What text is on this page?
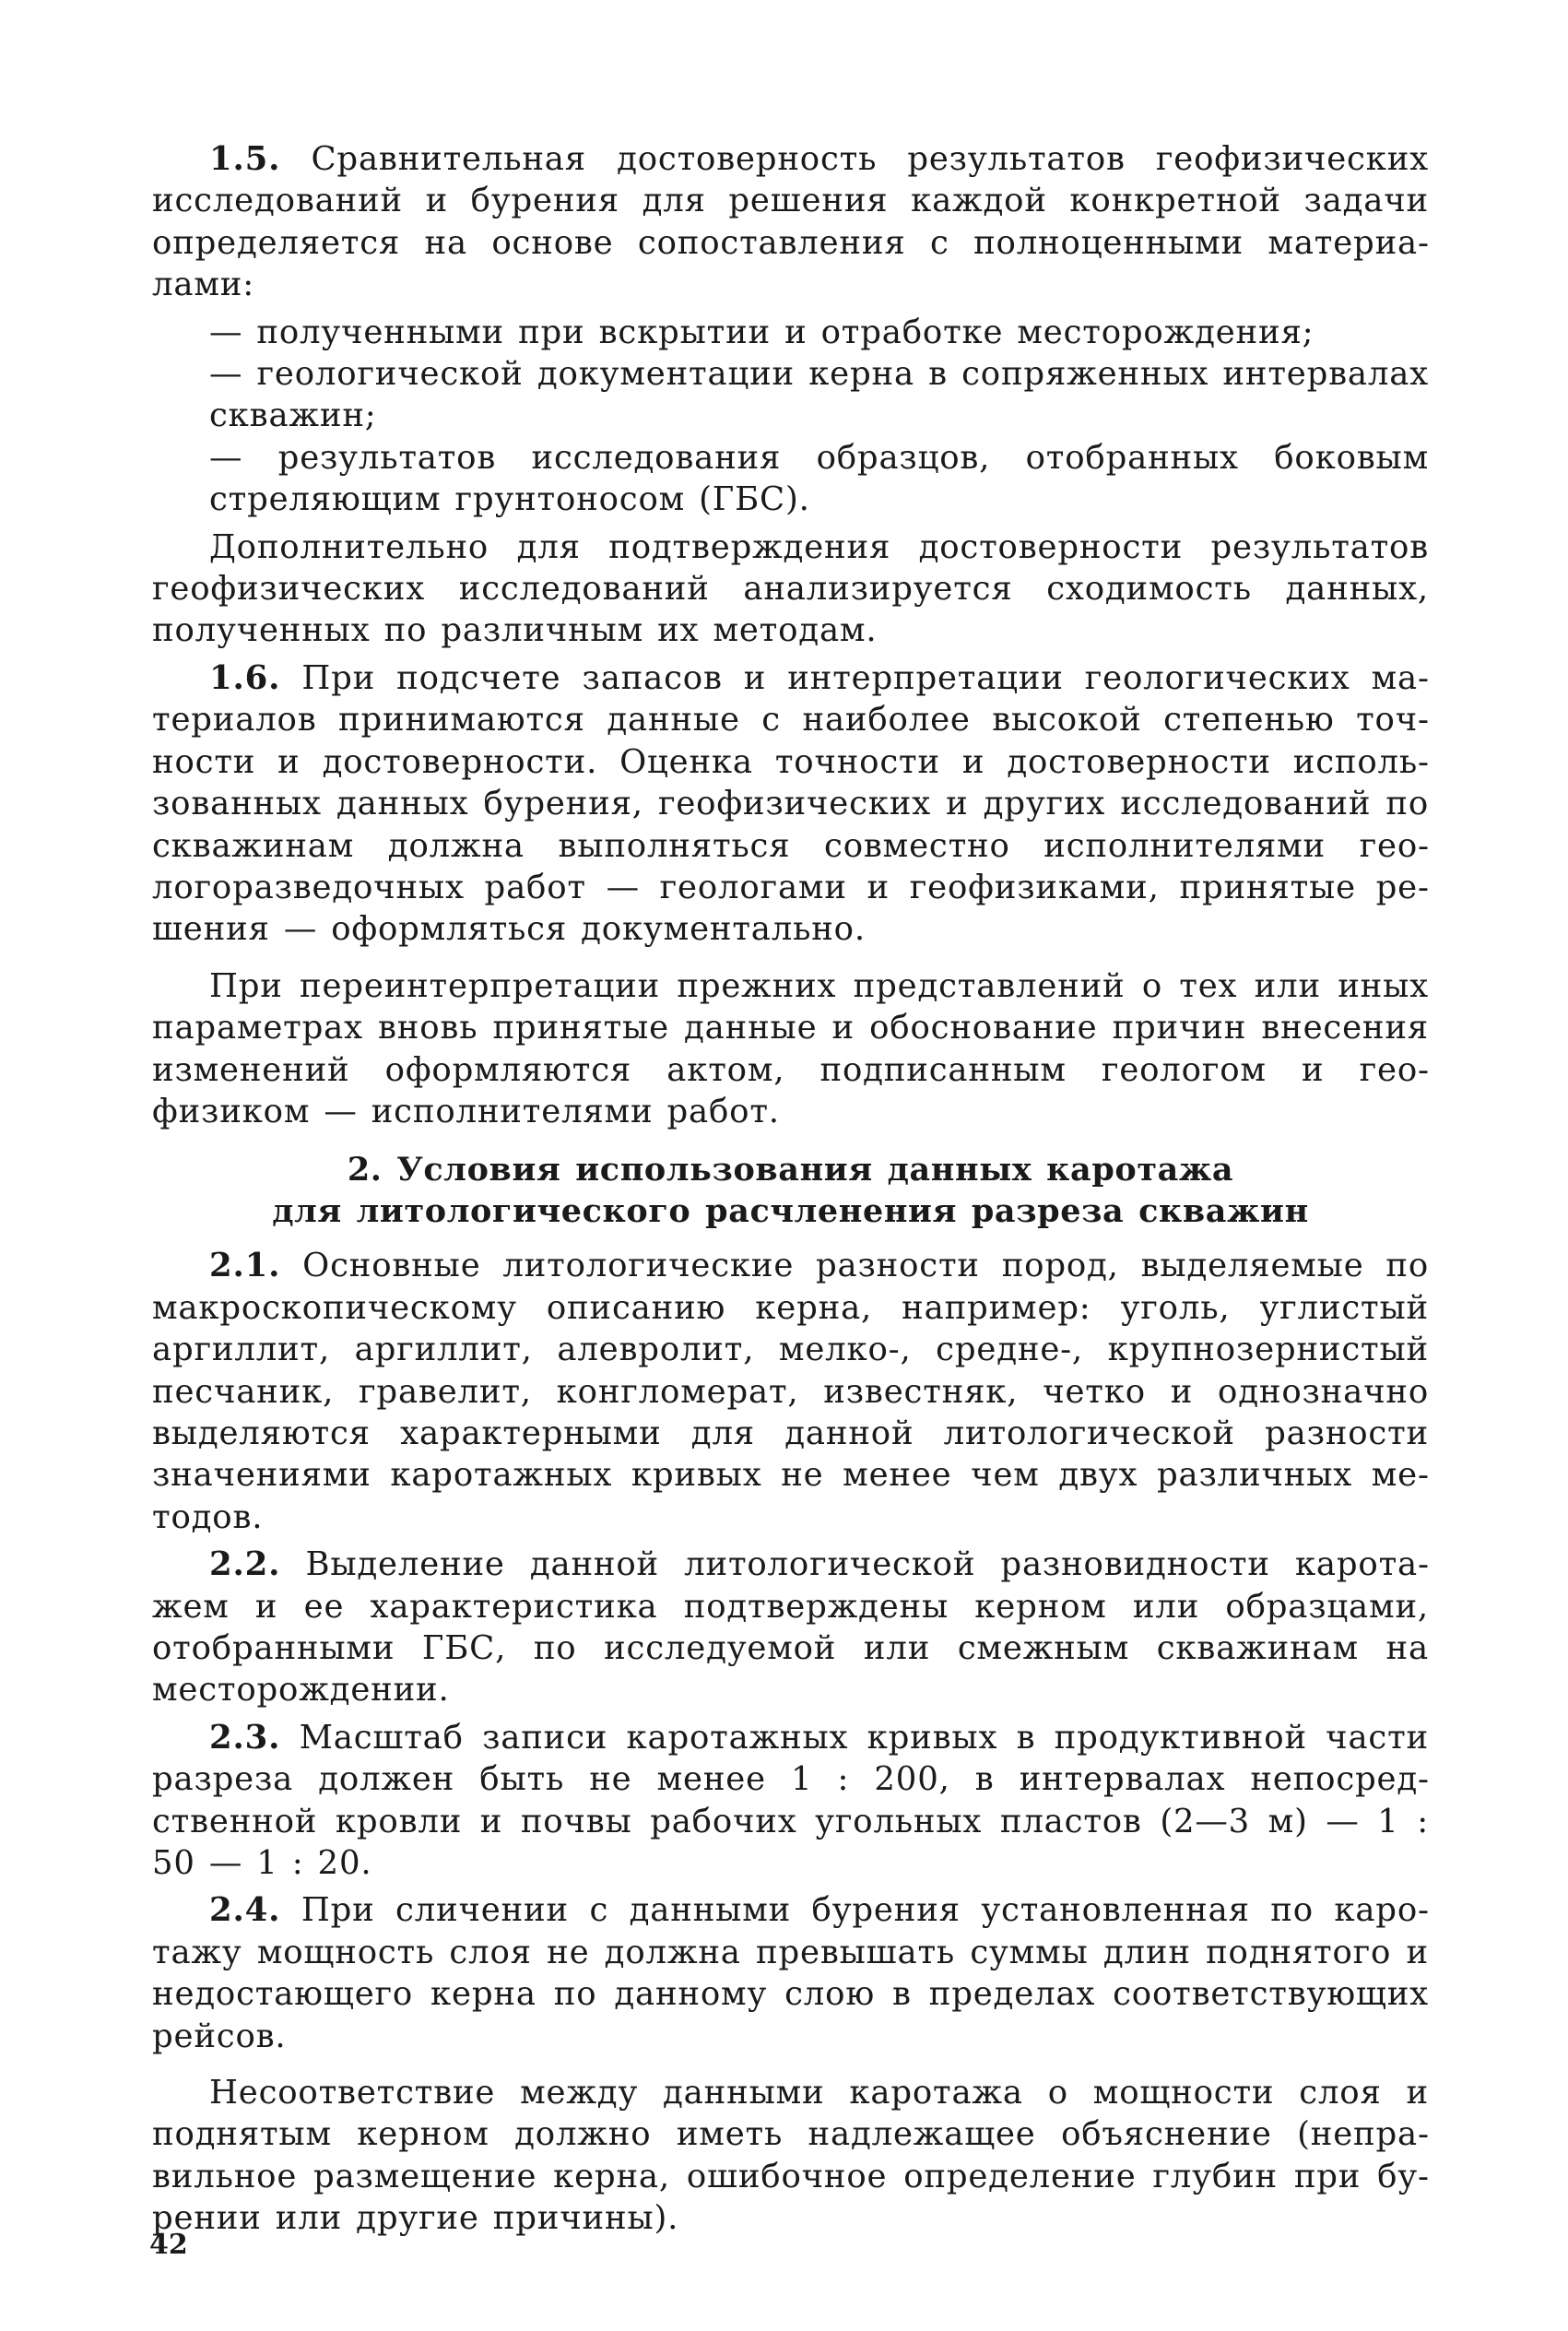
1.5. Сравнительная достоверность результатов геофизических исследований и бурения для решения каждой конкретной задачи определяется на основе сопоставления с полноценными материалами:

— полученными при вскрытии и отработке месторождения;

— геологической документации керна в сопряженных интервалах скважин;

— результатов исследования образцов, отобранных боковым стреляющим грунтоносом (ГБС).

Дополнительно для подтверждения достоверности результатов геофизических исследований анализируется сходимость данных, полученных по различным их методам.

1.6. При подсчете запасов и интерпретации геологических материалов принимаются данные с наиболее высокой степенью точности и достоверности. Оценка точности и достоверности использованных данных бурения, геофизических и других исследований по скважинам должна выполняться совместно исполнителями геологоразведочных работ — геологами и геофизиками, принятые решения — оформляться документально.

При переинтерпретации прежних представлений о тех или иных параметрах вновь принятые данные и обоснование причин внесения изменений оформляются актом, подписанным геологом и геофизиком — исполнителями работ.

2. Условия использования данных каротажа
для литологического расчленения разреза скважин

2.1. Основные литологические разности пород, выделяемые по макроскопическому описанию керна, например: уголь, углистый аргиллит, аргиллит, алевролит, мелко-, средне-, крупнозернистый песчаник, гравелит, конгломерат, известняк, четко и однозначно выделяются характерными для данной литологической разности значениями каротажных кривых не менее чем двух различных методов.

2.2. Выделение данной литологической разновидности каротажем и ее характеристика подтверждены керном или образцами, отобранными ГБС, по исследуемой или смежным скважинам на месторождении.

2.3. Масштаб записи каротажных кривых в продуктивной части разреза должен быть не менее 1 : 200, в интервалах непосредственной кровли и почвы рабочих угольных пластов (2—3 м) — 1 : 50 — 1 : 20.

2.4. При сличении с данными бурения установленная по каротажу мощность слоя не должна превышать суммы длин поднятого и недостающего керна по данному слою в пределах соответствующих рейсов.

Несоответствие между данными каротажа о мощности слоя и поднятым керном должно иметь надлежащее объяснение (неправильное размещение керна, ошибочное определение глубин при бурении или другие причины).

42
